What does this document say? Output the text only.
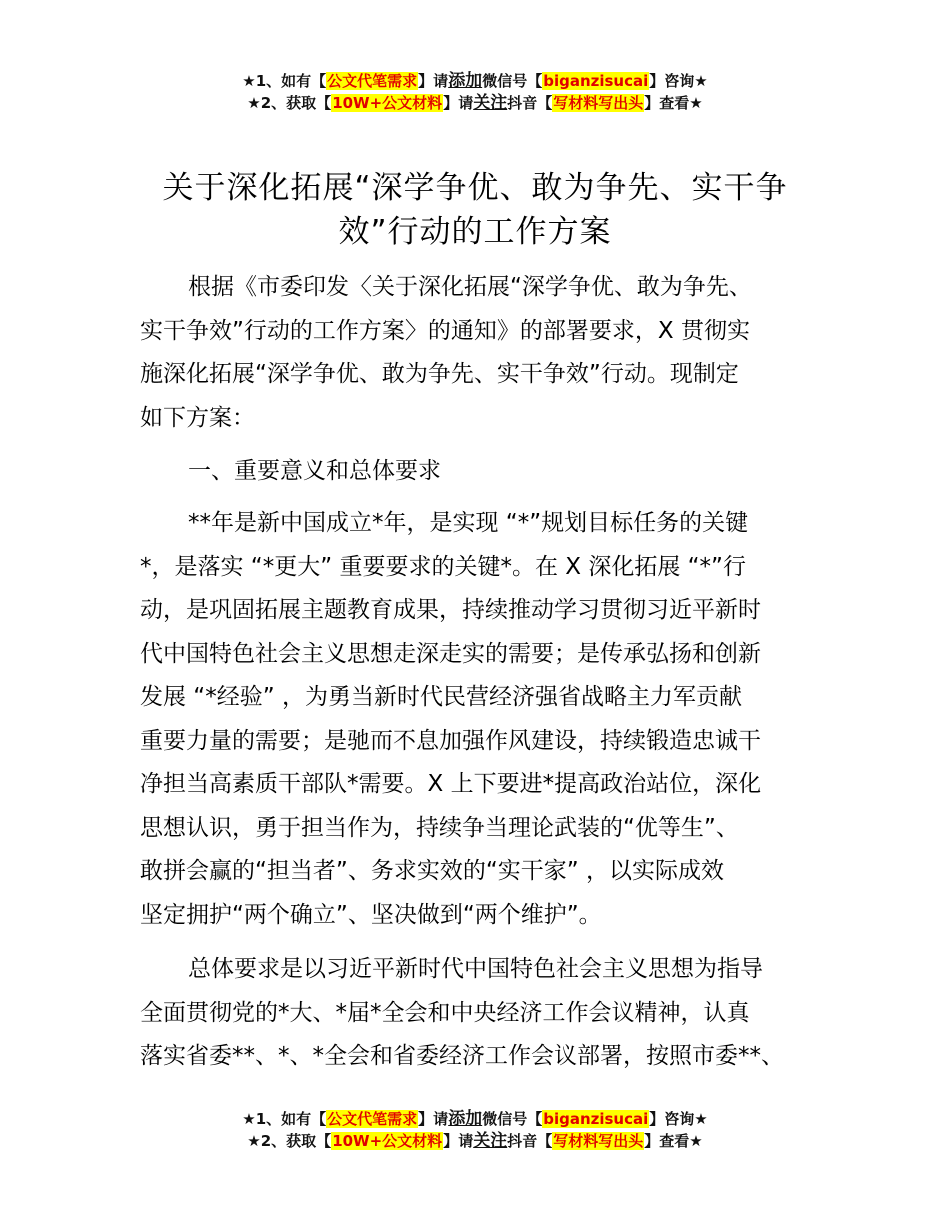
★1、如有【公文代笔需求】请添加微信号【biganzisucai】咨询★
★2、获取【10W+公文材料】请关注抖音【写材料写出头】查看★
关于深化拓展“深学争优、敢为争先、实干争
效”行动的工作方案
根据《市委印发〈关于深化拓展“深学争优、敢为争先、
实干争效”行动的工作方案〉的通知》的部署要求，X 贯彻实
施深化拓展“深学争优、敢为争先、实干争效”行动。现制定
如下方案：
一、重要意义和总体要求
**年是新中国成立*年，是实现 “*”规划目标任务的关键
*，是落实 “*更大” 重要要求的关键*。在 X 深化拓展 “*”行
动，是巩固拓展主题教育成果，持续推动学习贯彻习近平新时
代中国特色社会主义思想走深走实的需要；是传承弘扬和创新
发展 “*经验” ，为勇当新时代民营经济强省战略主力军贡献
重要力量的需要；是驰而不息加强作风建设，持续锻造忠诚干
净担当高素质干部队*需要。X 上下要进*提高政治站位，深化
思想认识，勇于担当作为，持续争当理论武装的“优等生”、
敢拼会赢的“担当者”、务求实效的“实干家” ，以实际成效
坚定拥护“两个确立”、坚决做到“两个维护”。
总体要求是以习近平新时代中国特色社会主义思想为指导
全面贯彻党的*大、*届*全会和中央经济工作会议精神，认真
落实省委**、*、*全会和省委经济工作会议部署，按照市委**、
★1、如有【公文代笔需求】请添加微信号【biganzisucai】咨询★
★2、获取【10W+公文材料】请关注抖音【写材料写出头】查看★
